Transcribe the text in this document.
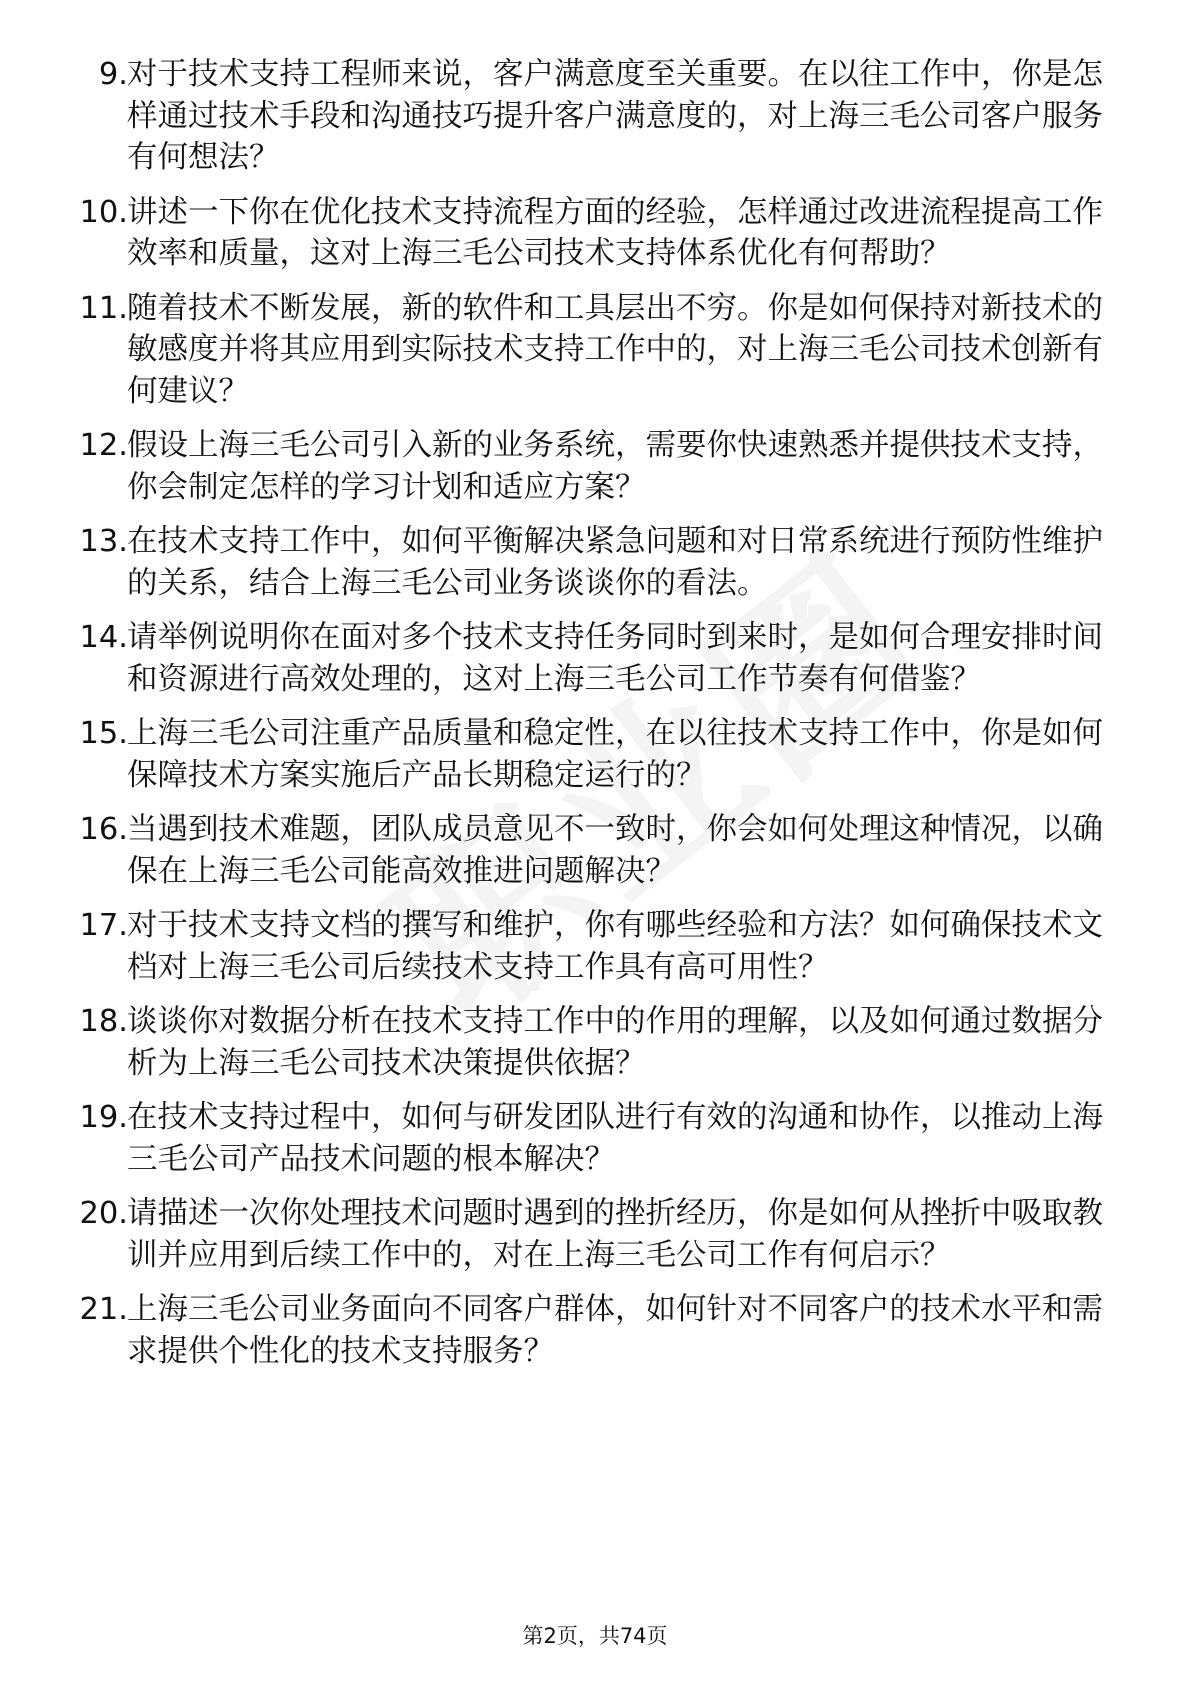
9. 对于技术支持工程师来说，客户满意度至关重要。在以往工作中，你是怎样通过技术手段和沟通技巧提升客户满意度的，对上海三毛公司客户服务有何想法？
10. 讲述一下你在优化技术支持流程方面的经验，怎样通过改进流程提高工作效率和质量，这对上海三毛公司技术支持体系优化有何帮助？
11. 随着技术不断发展，新的软件和工具层出不穷。你是如何保持对新技术的敏感度并将其应用到实际技术支持工作中的，对上海三毛公司技术创新有何建议？
12. 假设上海三毛公司引入新的业务系统，需要你快速熟悉并提供技术支持，你会制定怎样的学习计划和适应方案？
13. 在技术支持工作中，如何平衡解决紧急问题和对日常系统进行预防性维护的关系，结合上海三毛公司业务谈谈你的看法。
14. 请举例说明你在面对多个技术支持任务同时到来时，是如何合理安排时间和资源进行高效处理的，这对上海三毛公司工作节奏有何借鉴？
15. 上海三毛公司注重产品质量和稳定性，在以往技术支持工作中，你是如何保障技术方案实施后产品长期稳定运行的？
16. 当遇到技术难题，团队成员意见不一致时，你会如何处理这种情况，以确保在上海三毛公司能高效推进问题解决？
17. 对于技术支持文档的撰写和维护，你有哪些经验和方法？如何确保技术文档对上海三毛公司后续技术支持工作具有高可用性？
18. 谈谈你对数据分析在技术支持工作中的作用的理解，以及如何通过数据分析为上海三毛公司技术决策提供依据？
19. 在技术支持过程中，如何与研发团队进行有效的沟通和协作，以推动上海三毛公司产品技术问题的根本解决？
20. 请描述一次你处理技术问题时遇到的挫折经历，你是如何从挫折中吸取教训并应用到后续工作中的，对在上海三毛公司工作有何启示？
21. 上海三毛公司业务面向不同客户群体，如何针对不同客户的技术水平和需求提供个性化的技术支持服务？
第2页，共74页
